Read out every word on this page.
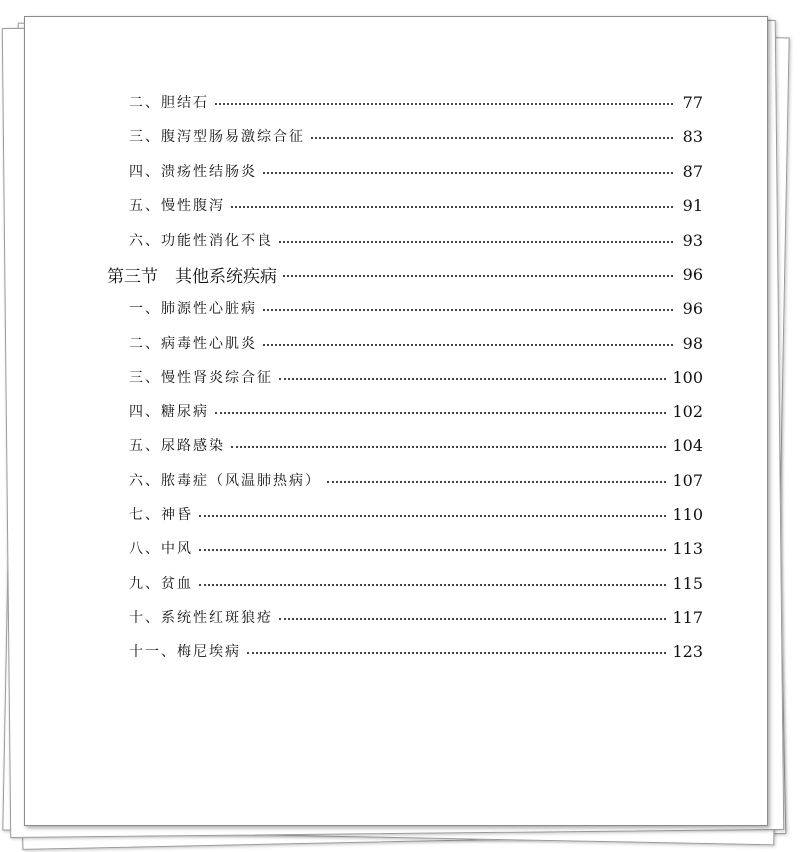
二、胆结石	77
三、腹泻型肠易激综合征	83
四、溃疡性结肠炎	87
五、慢性腹泻	91
六、功能性消化不良	93
第三节　其他系统疾病	96
一、肺源性心脏病	96
二、病毒性心肌炎	98
三、慢性肾炎综合征	100
四、糖尿病	102
五、尿路感染	104
六、脓毒症（风温肺热病）	107
七、神昏	110
八、中风	113
九、贫血	115
十、系统性红斑狼疮	117
十一、梅尼埃病	123
